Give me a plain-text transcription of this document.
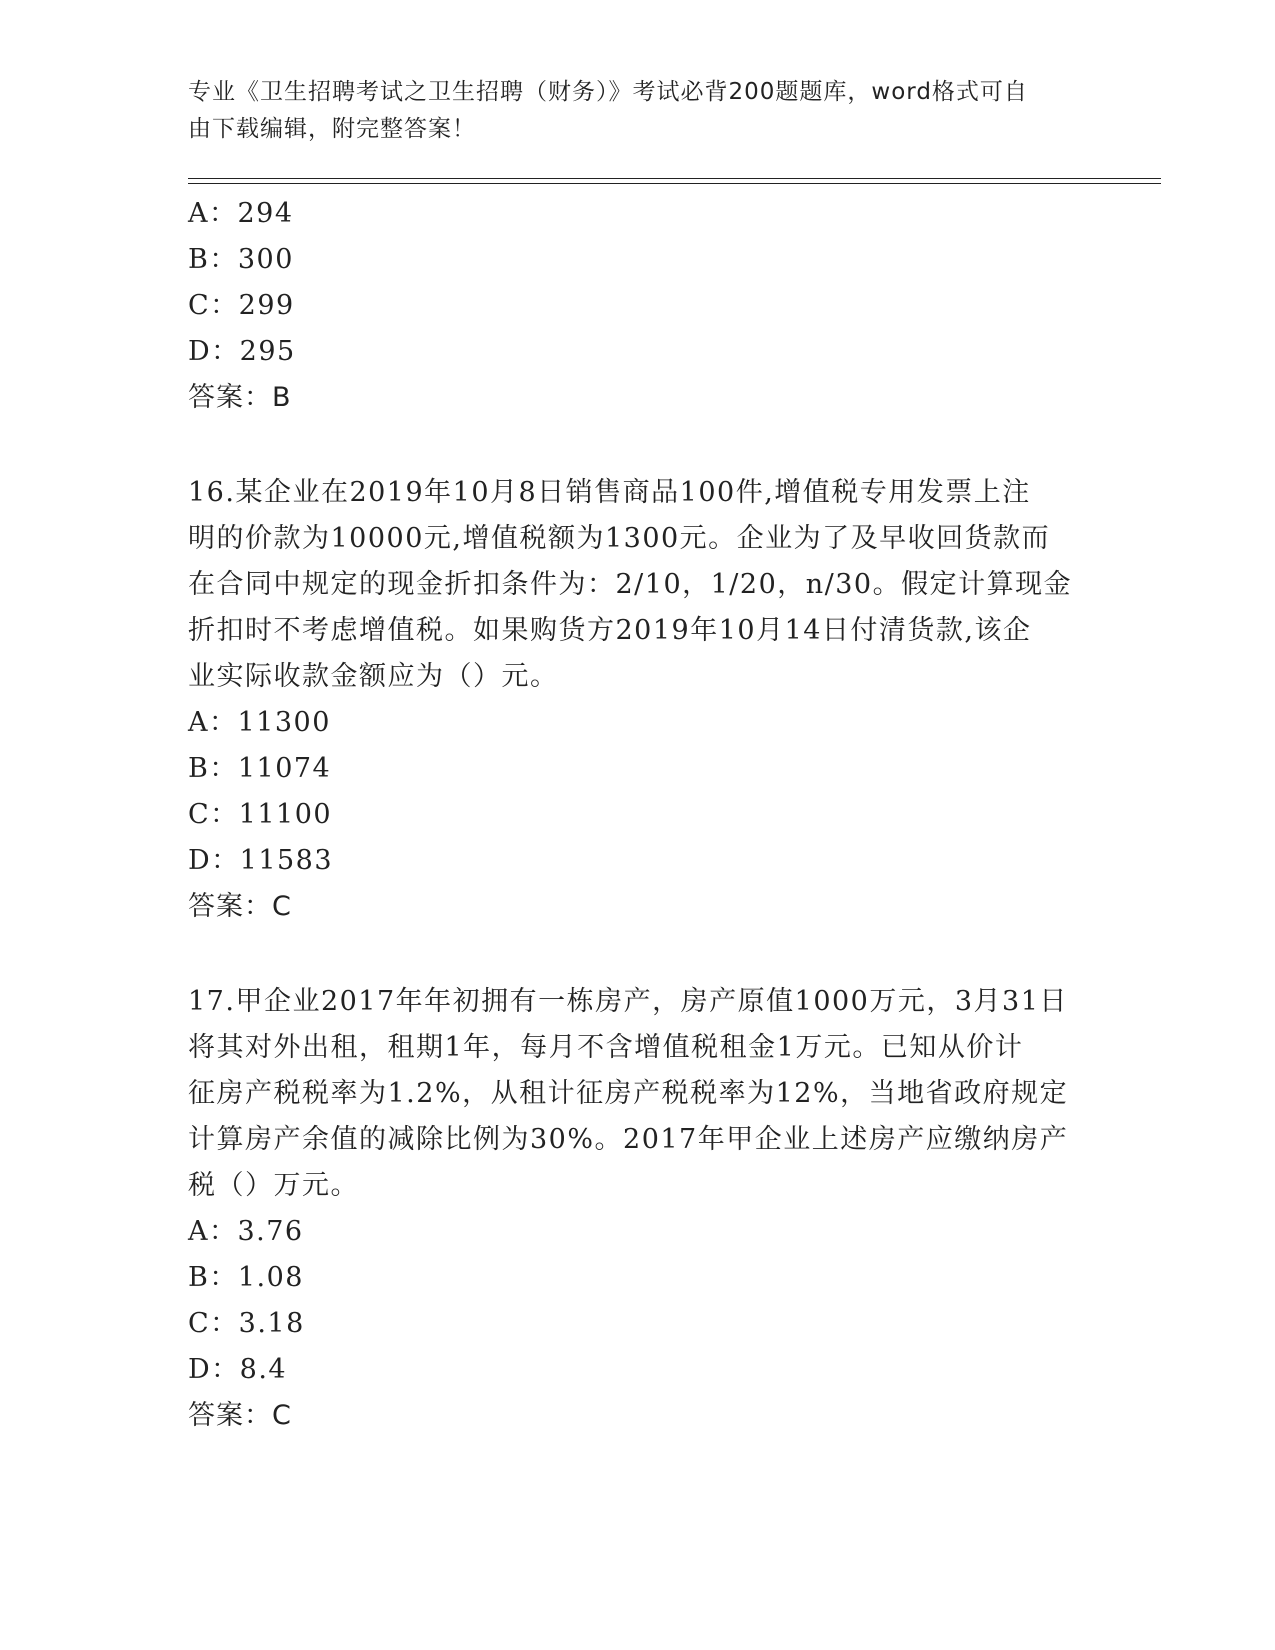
专业《卫生招聘考试之卫生招聘（财务）》考试必背200题题库，word格式可自
由下载编辑，附完整答案！
A：294
B：300
C：299
D：295
答案：B
16.某企业在2019年10月8日销售商品100件,增值税专用发票上注
明的价款为10000元,增值税额为1300元。企业为了及早收回货款而
在合同中规定的现金折扣条件为：2/10，1/20，n/30。假定计算现金
折扣时不考虑增值税。如果购货方2019年10月14日付清货款,该企
业实际收款金额应为（）元。
A：11300
B：11074
C：11100
D：11583
答案：C
17.甲企业2017年年初拥有一栋房产，房产原值1000万元，3月31日
将其对外出租，租期1年，每月不含增值税租金1万元。已知从价计
征房产税税率为1.2%，从租计征房产税税率为12%，当地省政府规定
计算房产余值的减除比例为30%。2017年甲企业上述房产应缴纳房产
税（）万元。
A：3.76
B：1.08
C：3.18
D：8.4
答案：C
